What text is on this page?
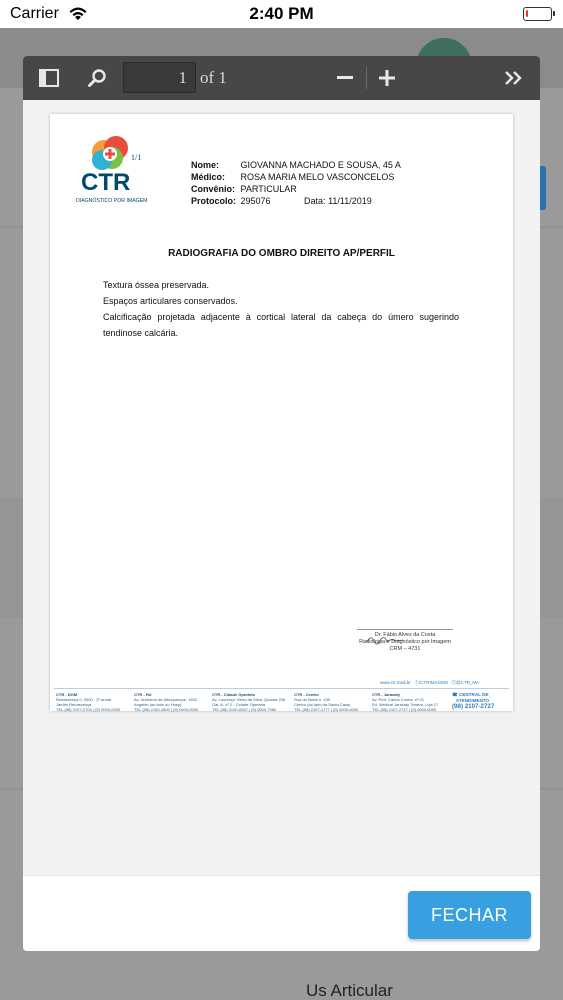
Carrier	2:40 PM
Us Articular
1 of 1
CTR
DIAGNÓSTICO POR IMAGEM
1/1
Nome: GIOVANNA MACHADO E SOUSA, 45 A
Médico: ROSA MARIA MELO VASCONCELOS
Convênio: PARTICULAR
Protocolo: 295076	Data: 11/11/2019
RADIOGRAFIA DO OMBRO DIREITO AP/PERFIL
Textura óssea preservada.
Espaços articulares conservados.
Calcificação projetada adjacente à cortical lateral da cabeça do úmero sugerindo
tendinose calcária.
Dr. Fábio Alves da Costa
Radiologia e Diagnóstico por Imagem
CRM – 4731
www.ctr.med.br ⓕ/CTRIMAGEM ◎@CTR_MA
CTR - DOM
Renascença II, 0000 - 2º andar
Jardim Renascença
TEL.(98) 2107-2700 | (9) 0000-0000
CTR - HU
Av. Jerônimo de Albuquerque, 1602
Angelim (ao lado do Hosp)
TEL.(98) 2150-1800 | (9) 0000-0000
CTR - Cidade Operária
Av. Lourenço Vieira da Silva, Quadra 205
Gal. A, nº 2 - Cidade Operária
TEL.(98) 3190-0057 | (9) 0000-7980
CTR - Centro
Rua do Norte n. 430
Centro (ao lado da Santa Casa)
TEL.(98) 2107-1777 | (9) 0000-0000
CTR - Jaracaty
Av. Prof. Carlos Cunha, nº 01
Ed. Medical Jaracaty Towers, Loja 17
TEL.(98) 2107-2727 | (9) 0000-0000
☎ CENTRAL DE
ATENDIMENTO
(98) 2107-2727
FECHAR
